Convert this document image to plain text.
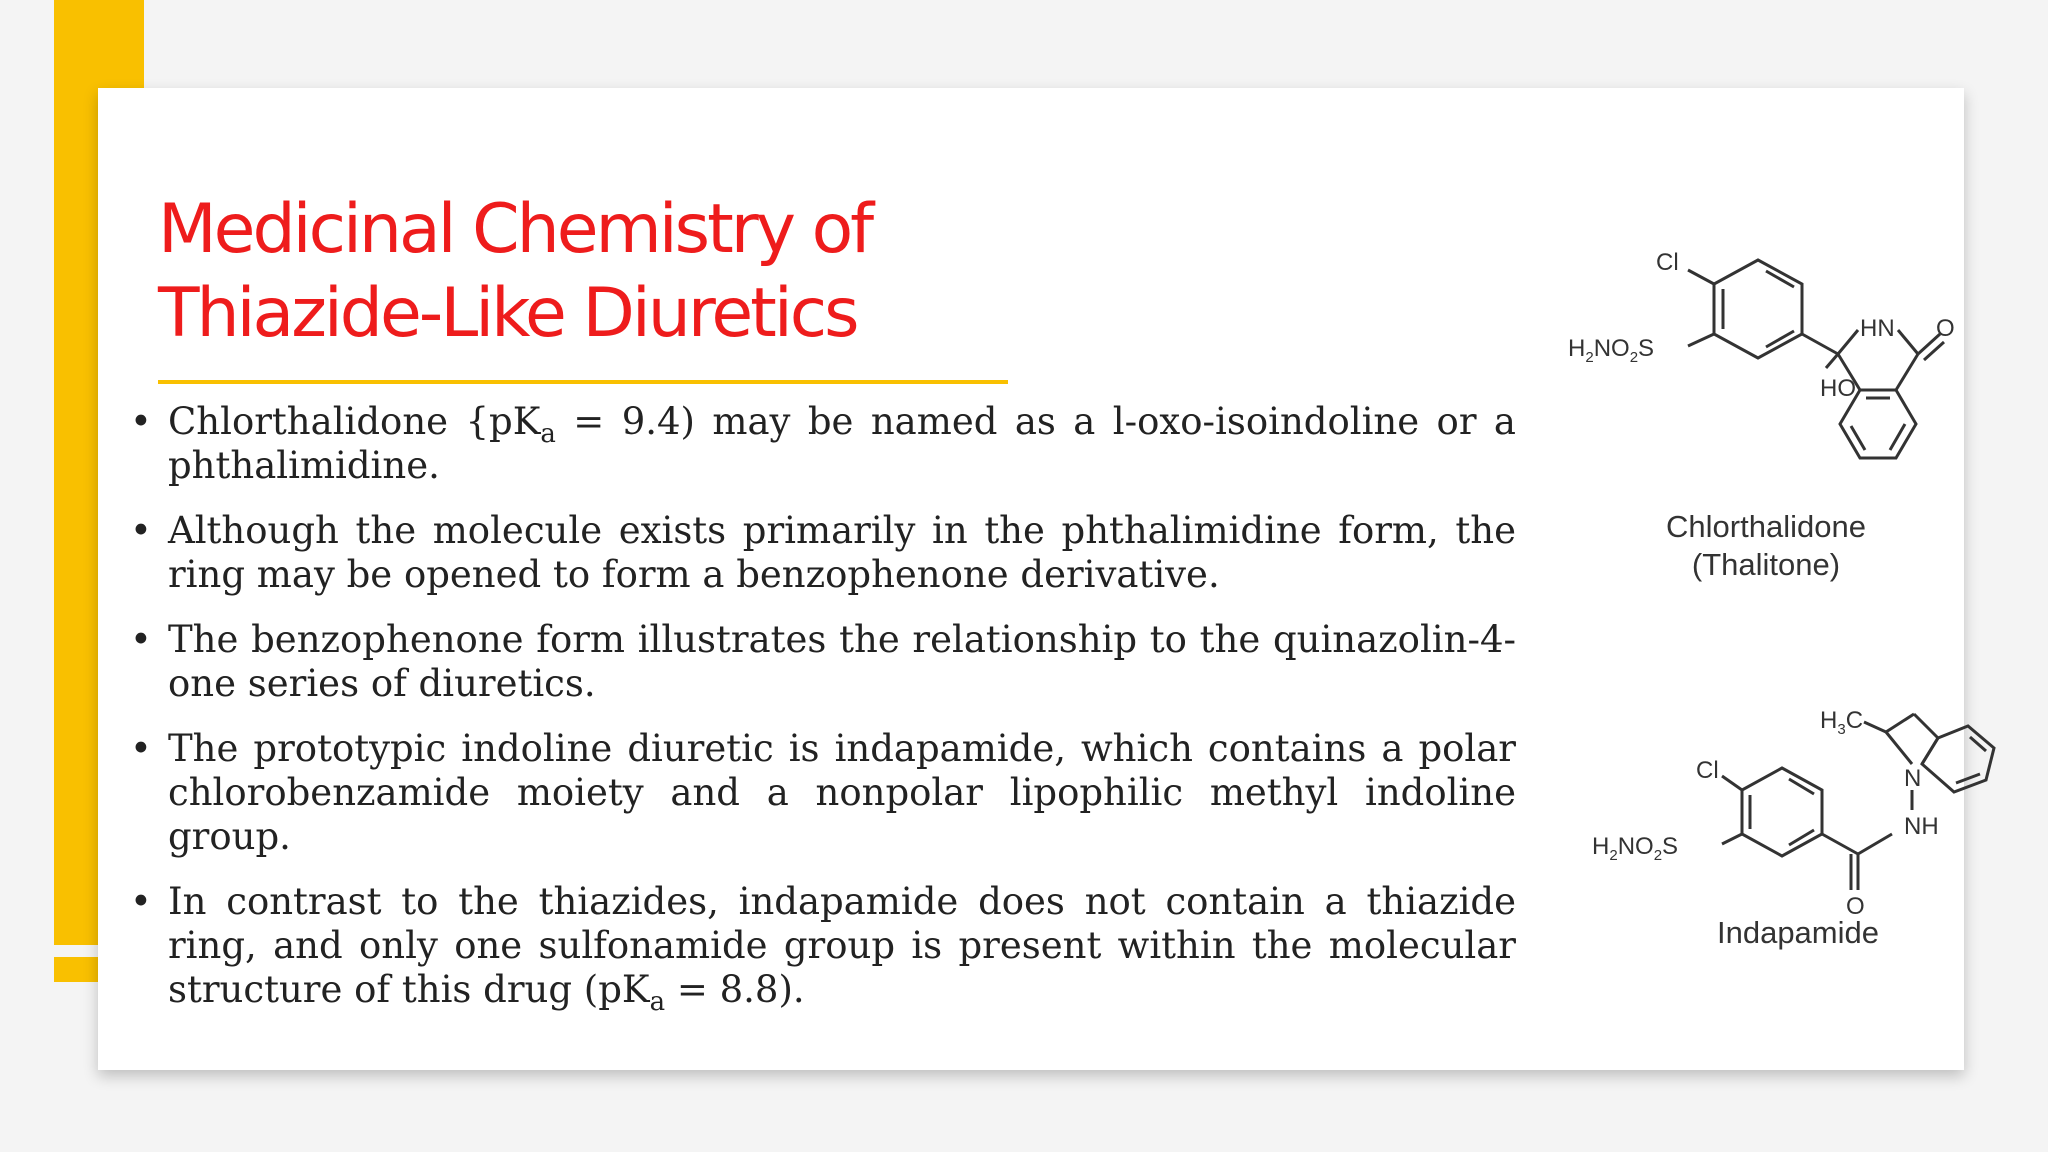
Medicinal Chemistry of
Thiazide-Like Diuretics
• Chlorthalidone $\{pK_a = 9.4)$ may be named as a l-oxo-isoindoline or a phthalimidine.
• Although the molecule exists primarily in the phthalimidine form, the ring may be opened to form a benzophenone derivative.
• The benzophenone form illustrates the relationship to the quinazolin-4-one series of diuretics.
• The prototypic indoline diuretic is indapamide, which contains a polar chlorobenzamide moiety and a nonpolar lipophilic methyl indoline group.
• In contrast to the thiazides, indapamide does not contain a thiazide ring, and only one sulfonamide group is present within the molecular structure of this drug $(pK_a = 8.8)$.
Cl
$H_2NO_2S$
HN O
HO
Chlorthalidone
(Thalitone)
$H_3C$
Cl	N
NH
$H_2NO_2S$
O
Indapamide
